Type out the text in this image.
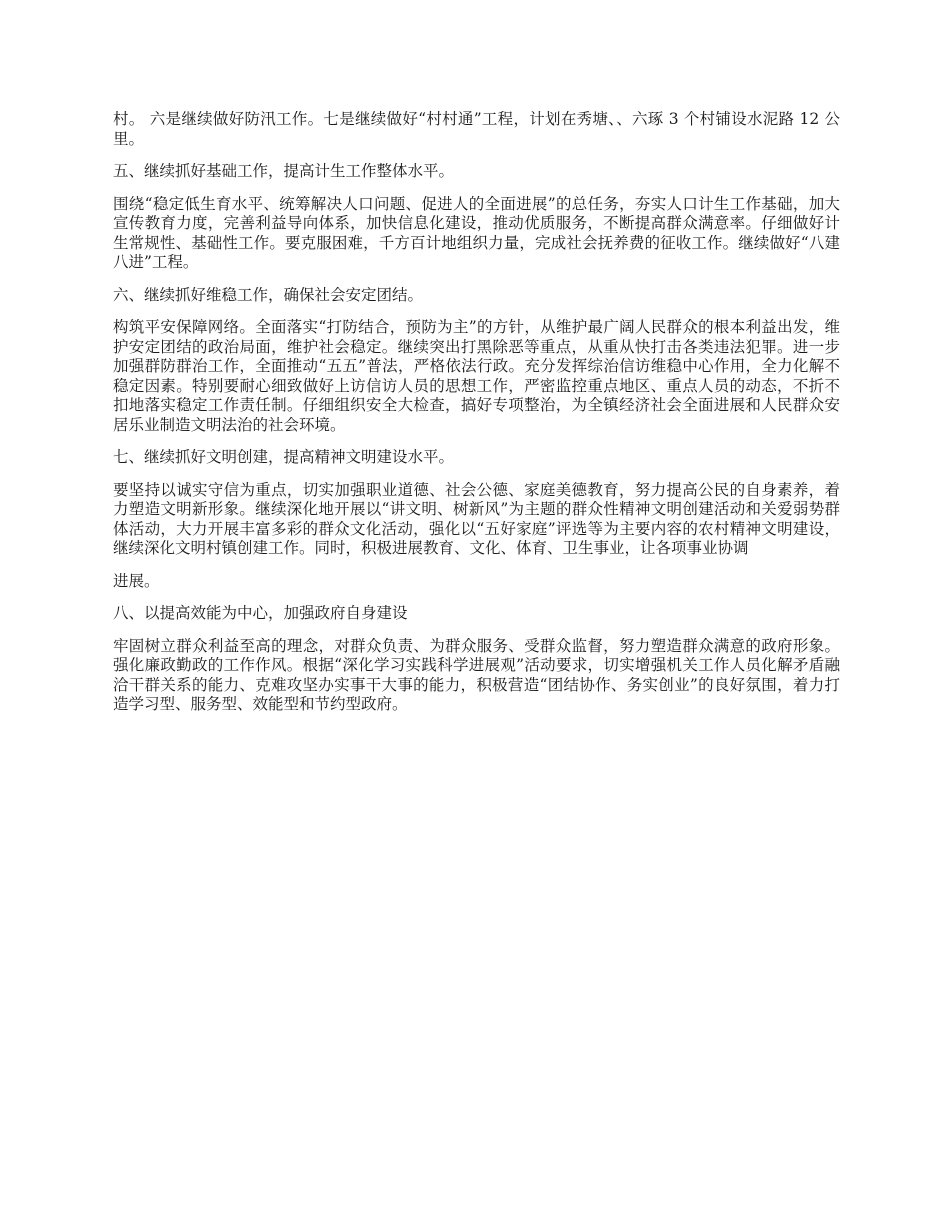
村。 六是继续做好防汛工作。七是继续做好“村村通”工程，计划在秀塘、、六琢 3 个村铺设水泥路 12 公里。

五、继续抓好基础工作，提高计生工作整体水平。

围绕“稳定低生育水平、统筹解决人口问题、促进人的全面进展”的总任务，夯实人口计生工作基础，加大宣传教育力度，完善利益导向体系，加快信息化建设，推动优质服务，不断提高群众满意率。仔细做好计生常规性、基础性工作。要克服困难，千方百计地组织力量，完成社会抚养费的征收工作。继续做好“八建八进”工程。

六、继续抓好维稳工作，确保社会安定团结。

构筑平安保障网络。全面落实“打防结合，预防为主”的方针，从维护最广阔人民群众的根本利益出发，维护安定团结的政治局面，维护社会稳定。继续突出打黑除恶等重点，从重从快打击各类违法犯罪。进一步加强群防群治工作，全面推动“五五”普法，严格依法行政。充分发挥综治信访维稳中心作用，全力化解不稳定因素。特别要耐心细致做好上访信访人员的思想工作，严密监控重点地区、重点人员的动态，不折不扣地落实稳定工作责任制。仔细组织安全大检查，搞好专项整治，为全镇经济社会全面进展和人民群众安居乐业制造文明法治的社会环境。

七、继续抓好文明创建，提高精神文明建设水平。

要坚持以诚实守信为重点，切实加强职业道德、社会公德、家庭美德教育，努力提高公民的自身素养，着力塑造文明新形象。继续深化地开展以“讲文明、树新风”为主题的群众性精神文明创建活动和关爱弱势群体活动，大力开展丰富多彩的群众文化活动，强化以“五好家庭”评选等为主要内容的农村精神文明建设，继续深化文明村镇创建工作。同时，积极进展教育、文化、体育、卫生事业，让各项事业协调

进展。

八、以提高效能为中心，加强政府自身建设

牢固树立群众利益至高的理念，对群众负责、为群众服务、受群众监督，努力塑造群众满意的政府形象。强化廉政勤政的工作作风。根据“深化学习实践科学进展观”活动要求，切实增强机关工作人员化解矛盾融洽干群关系的能力、克难攻坚办实事干大事的能力，积极营造“团结协作、务实创业”的良好氛围，着力打造学习型、服务型、效能型和节约型政府。
